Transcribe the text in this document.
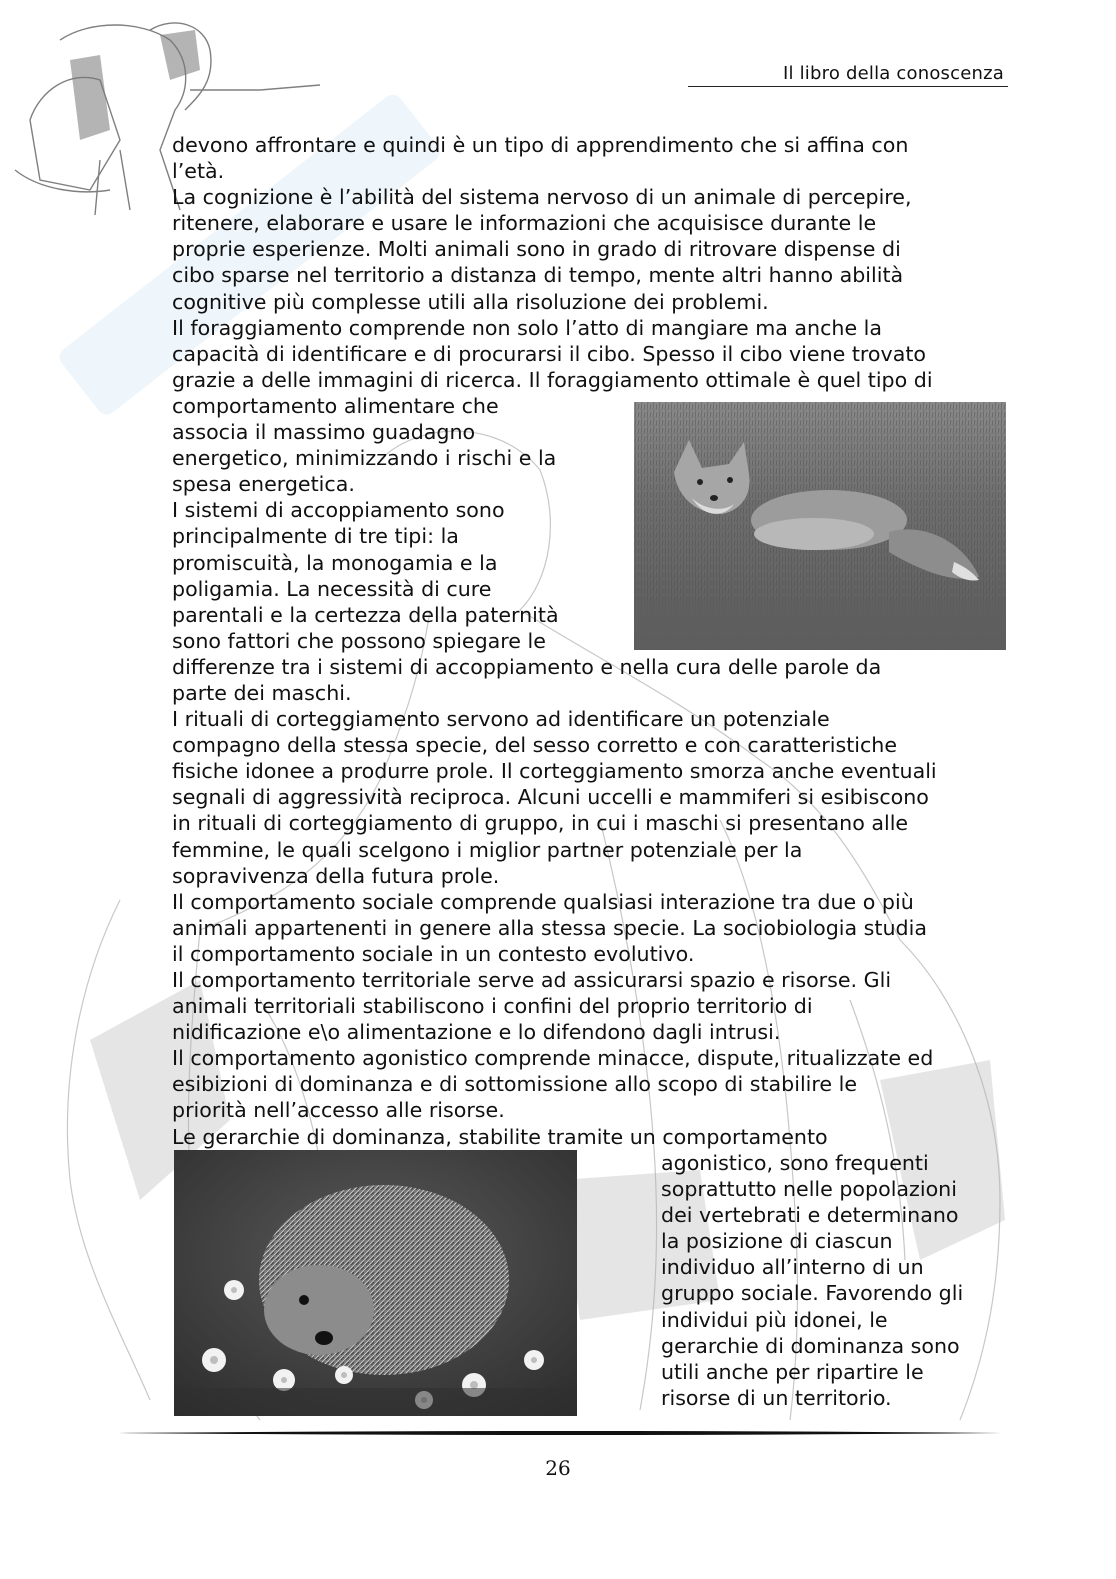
Il libro della conoscenza
devono affrontare e quindi è un tipo di apprendimento che si affina con
l’età.
La cognizione è l’abilità del sistema nervoso di un animale di percepire,
ritenere, elaborare e usare le informazioni che acquisisce durante le
proprie esperienze. Molti animali sono in grado di ritrovare dispense di
cibo sparse nel territorio a distanza di tempo, mente altri hanno abilità
cognitive più complesse utili alla risoluzione dei problemi.
Il foraggiamento comprende non solo l’atto di mangiare ma anche la
capacità di identificare e di procurarsi il cibo. Spesso il cibo viene trovato
grazie a delle immagini di ricerca. Il foraggiamento ottimale è quel tipo di
comportamento alimentare che
associa il massimo guadagno
energetico, minimizzando i rischi e la
spesa energetica.
I sistemi di accoppiamento sono
principalmente di tre tipi: la
promiscuità, la monogamia e la
poligamia. La necessità di cure
parentali e la certezza della paternità
sono fattori che possono spiegare le
differenze tra i sistemi di accoppiamento e nella cura delle parole da
parte dei maschi.
I rituali di corteggiamento servono ad identificare un potenziale
compagno della stessa specie, del sesso corretto e con caratteristiche
fisiche idonee a produrre prole. Il corteggiamento smorza anche eventuali
segnali di aggressività reciproca. Alcuni uccelli e mammiferi si esibiscono
in rituali di corteggiamento di gruppo, in cui i maschi si presentano alle
femmine, le quali scelgono i miglior partner potenziale per la
sopravivenza della futura prole.
Il comportamento sociale comprende qualsiasi interazione tra due o più
animali appartenenti in genere alla stessa specie. La sociobiologia studia
il comportamento sociale in un contesto evolutivo.
Il comportamento territoriale serve ad assicurarsi spazio e risorse. Gli
animali territoriali stabiliscono i confini del proprio territorio di
nidificazione e\o alimentazione e lo difendono dagli intrusi.
Il comportamento agonistico comprende minacce, dispute, ritualizzate ed
esibizioni di dominanza e di sottomissione allo scopo di stabilire le
priorità nell’accesso alle risorse.
Le gerarchie di dominanza, stabilite tramite un comportamento
agonistico, sono frequenti
soprattutto nelle popolazioni
dei vertebrati e determinano
la posizione di ciascun
individuo all’interno di un
gruppo sociale. Favorendo gli
individui più idonei, le
gerarchie di dominanza sono
utili anche per ripartire le
risorse di un territorio.
26
